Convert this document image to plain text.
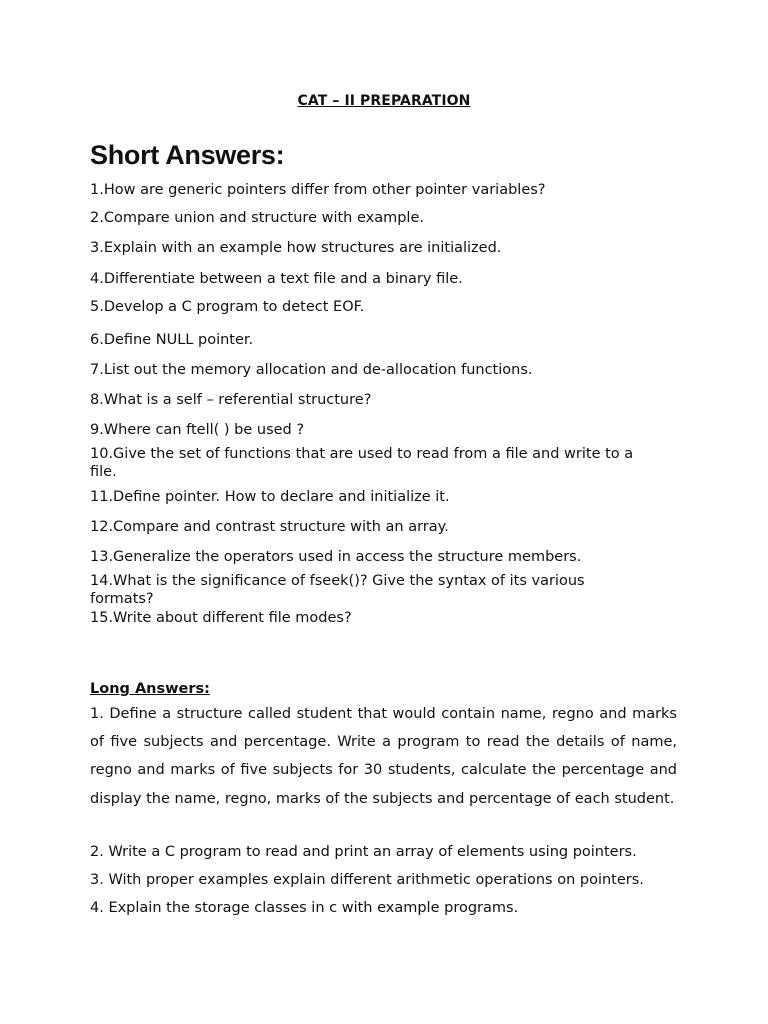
CAT – II PREPARATION
Short Answers:
1.How are generic pointers differ from other pointer variables?
2.Compare union and structure with example.
3.Explain with an example how structures are initialized.
4.Differentiate between a text file and a binary file.
5.Develop a C program to detect EOF.
6.Define NULL pointer.
7.List out the memory allocation and de-allocation functions.
8.What is a self – referential structure?
9.Where can ftell( ) be used ?
10.Give the set of functions that are used to read from a file and write to a file.
11.Define pointer. How to declare and initialize it.
12.Compare and contrast structure with an array.
13.Generalize the operators used in access the structure members.
14.What is the significance of fseek()? Give the syntax of its various formats?
15.Write about different file modes?
Long Answers:
1. Define a structure called student that would contain name, regno and marks of five subjects and percentage. Write a program to read the details of name, regno and marks of five subjects for 30 students, calculate the percentage and display the name, regno, marks of the subjects and percentage of each student.
2. Write a C program to read and print an array of elements using pointers.
3. With proper examples explain different arithmetic operations on pointers.
4. Explain the storage classes in c with example programs.
